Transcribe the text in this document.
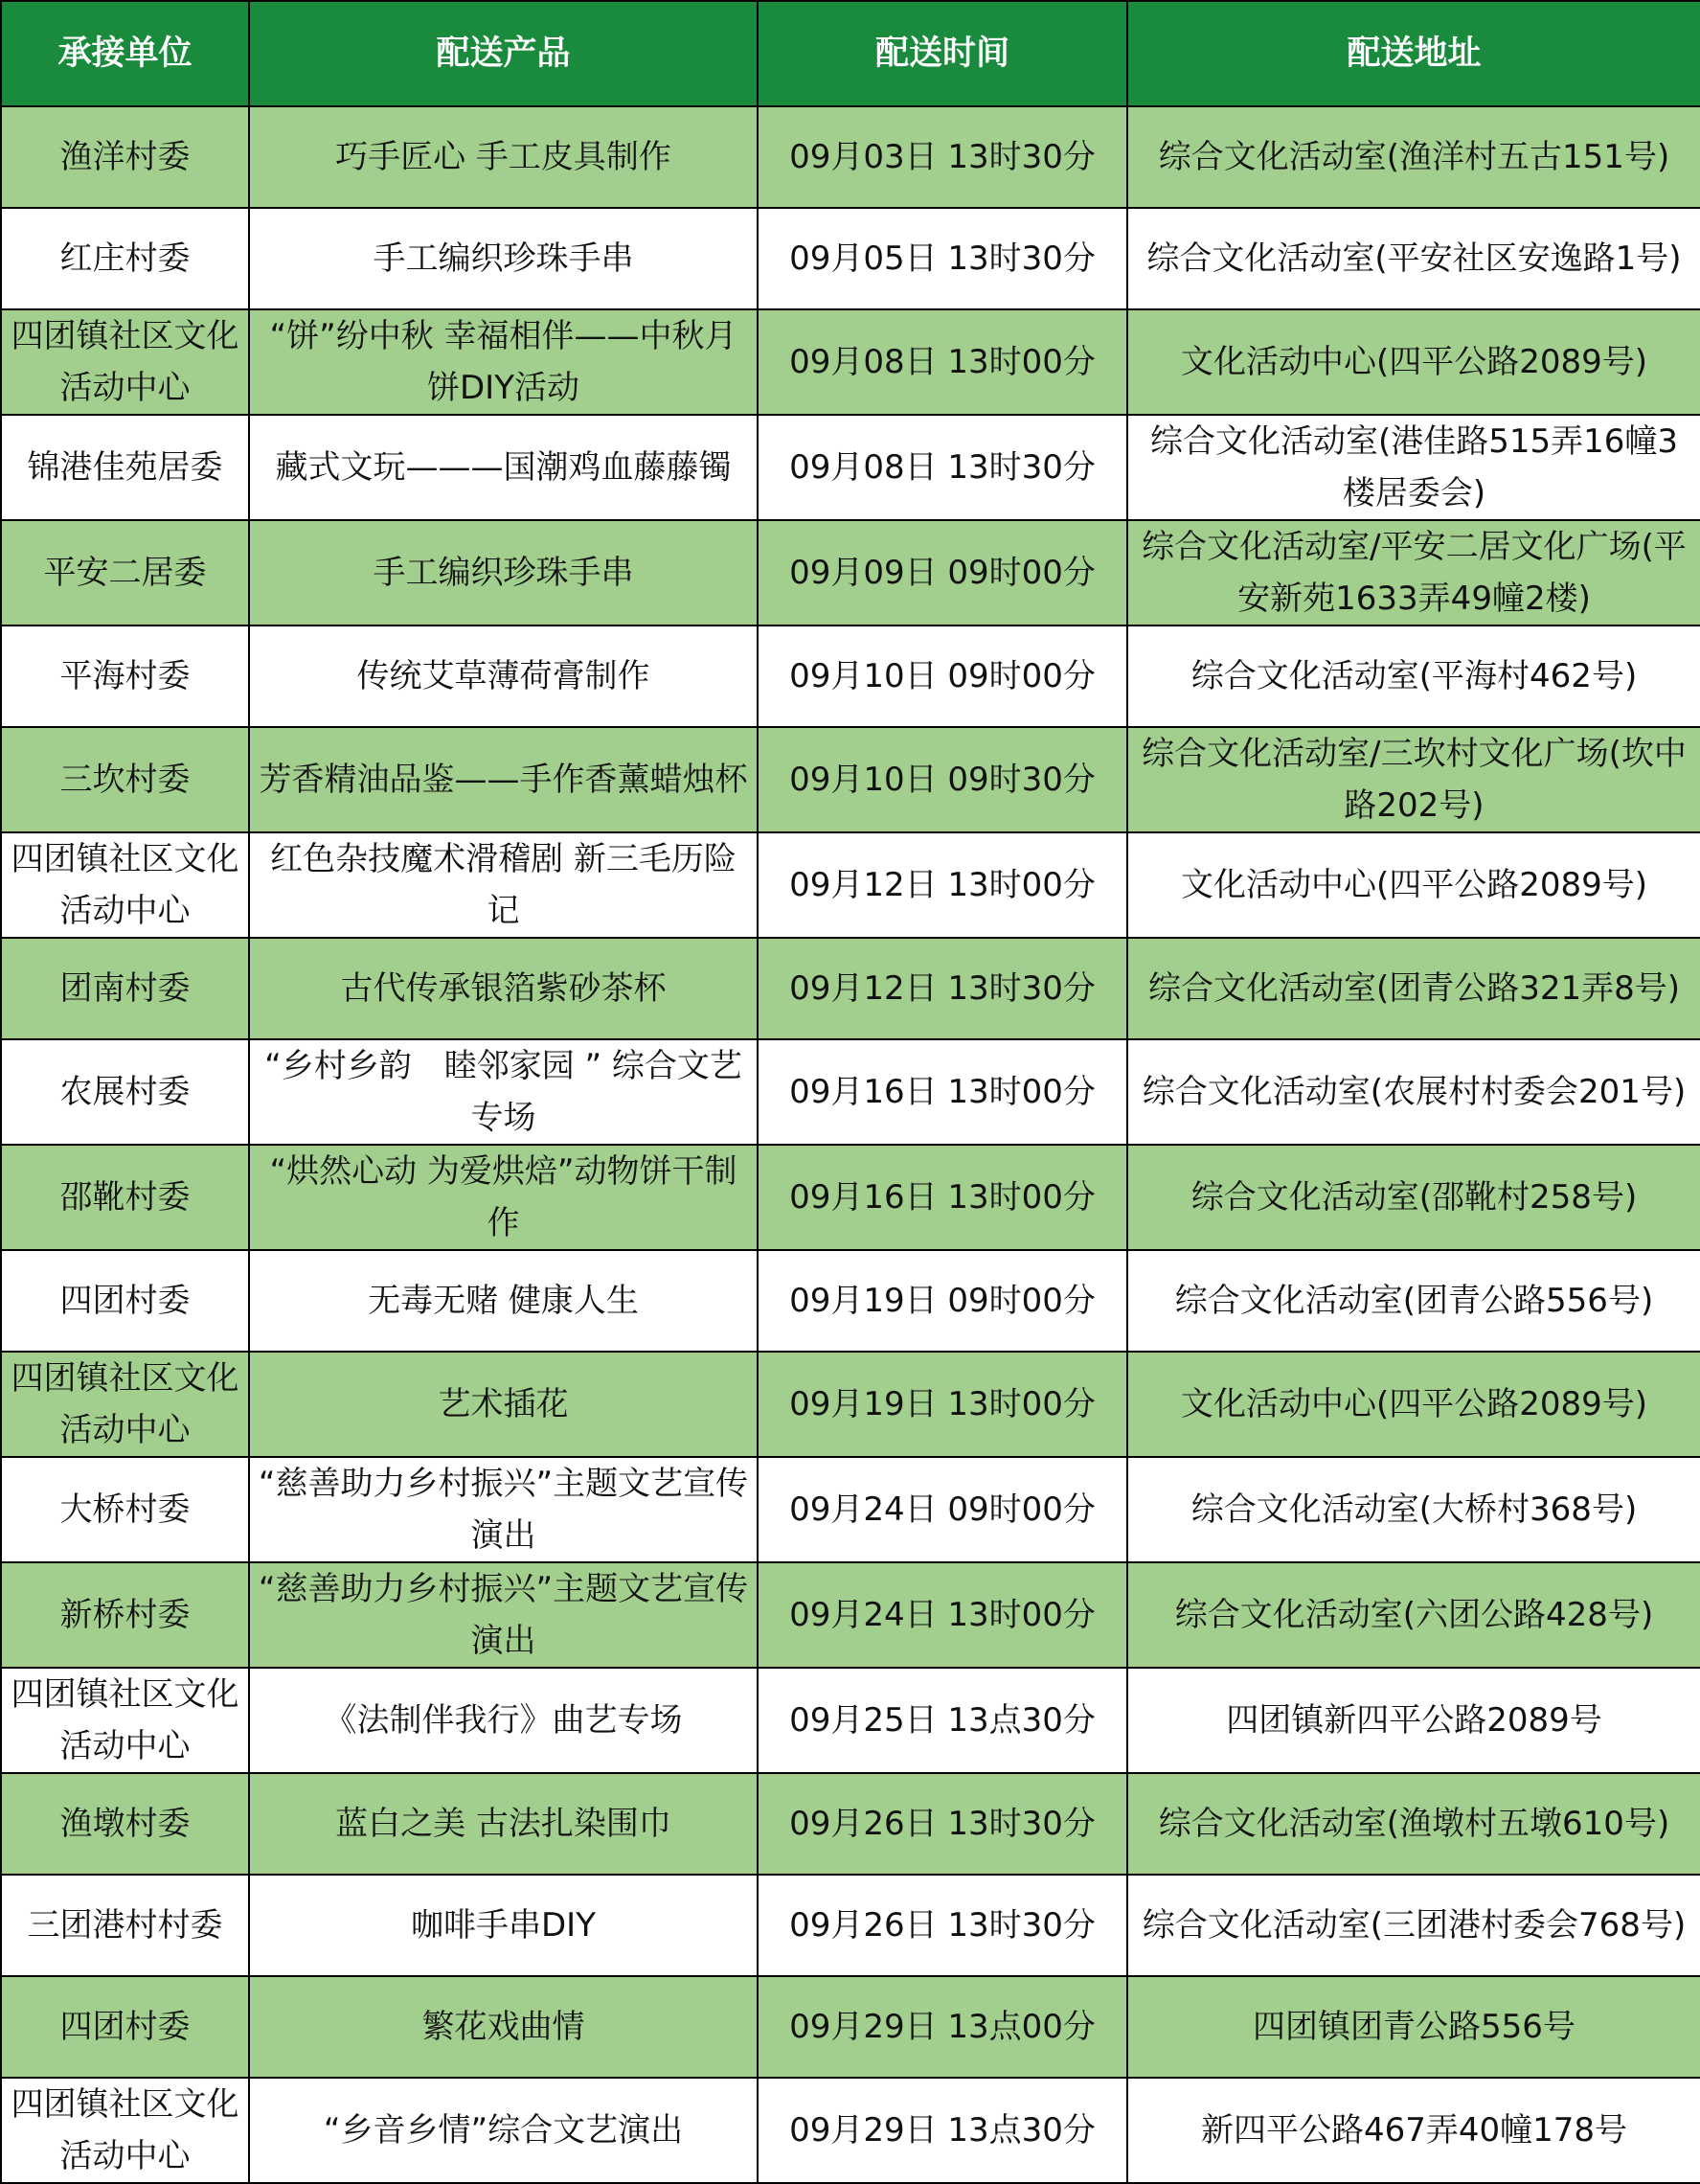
承接单位	配送产品	配送时间	配送地址
渔洋村委	巧手匠心 手工皮具制作	09月03日 13时30分	综合文化活动室(渔洋村五古151号)
红庄村委	手工编织珍珠手串	09月05日 13时30分	综合文化活动室(平安社区安逸路1号)
四团镇社区文化活动中心	“饼”纷中秋 幸福相伴——中秋月饼DIY活动	09月08日 13时00分	文化活动中心(四平公路2089号)
锦港佳苑居委	藏式文玩———国潮鸡血藤藤镯	09月08日 13时30分	综合文化活动室(港佳路515弄16幢3楼居委会)
平安二居委	手工编织珍珠手串	09月09日 09时00分	综合文化活动室/平安二居文化广场(平安新苑1633弄49幢2楼)
平海村委	传统艾草薄荷膏制作	09月10日 09时00分	综合文化活动室(平海村462号)
三坎村委	芳香精油品鉴——手作香薰蜡烛杯	09月10日 09时30分	综合文化活动室/三坎村文化广场(坎中路202号)
四团镇社区文化活动中心	红色杂技魔术滑稽剧 新三毛历险记	09月12日 13时00分	文化活动中心(四平公路2089号)
团南村委	古代传承银箔紫砂茶杯	09月12日 13时30分	综合文化活动室(团青公路321弄8号)
农展村委	“乡村乡韵　睦邻家园 ” 综合文艺专场	09月16日 13时00分	综合文化活动室(农展村村委会201号)
邵靴村委	“烘然心动 为爱烘焙”动物饼干制作	09月16日 13时00分	综合文化活动室(邵靴村258号)
四团村委	无毒无赌 健康人生	09月19日 09时00分	综合文化活动室(团青公路556号)
四团镇社区文化活动中心	艺术插花	09月19日 13时00分	文化活动中心(四平公路2089号)
大桥村委	“慈善助力乡村振兴”主题文艺宣传演出	09月24日 09时00分	综合文化活动室(大桥村368号)
新桥村委	“慈善助力乡村振兴”主题文艺宣传演出	09月24日 13时00分	综合文化活动室(六团公路428号)
四团镇社区文化活动中心	《法制伴我行》曲艺专场	09月25日 13点30分	四团镇新四平公路2089号
渔墩村委	蓝白之美 古法扎染围巾	09月26日 13时30分	综合文化活动室(渔墩村五墩610号)
三团港村村委	咖啡手串DIY	09月26日 13时30分	综合文化活动室(三团港村委会768号)
四团村委	繁花戏曲情	09月29日 13点00分	四团镇团青公路556号
四团镇社区文化活动中心	“乡音乡情”综合文艺演出	09月29日 13点30分	新四平公路467弄40幢178号
